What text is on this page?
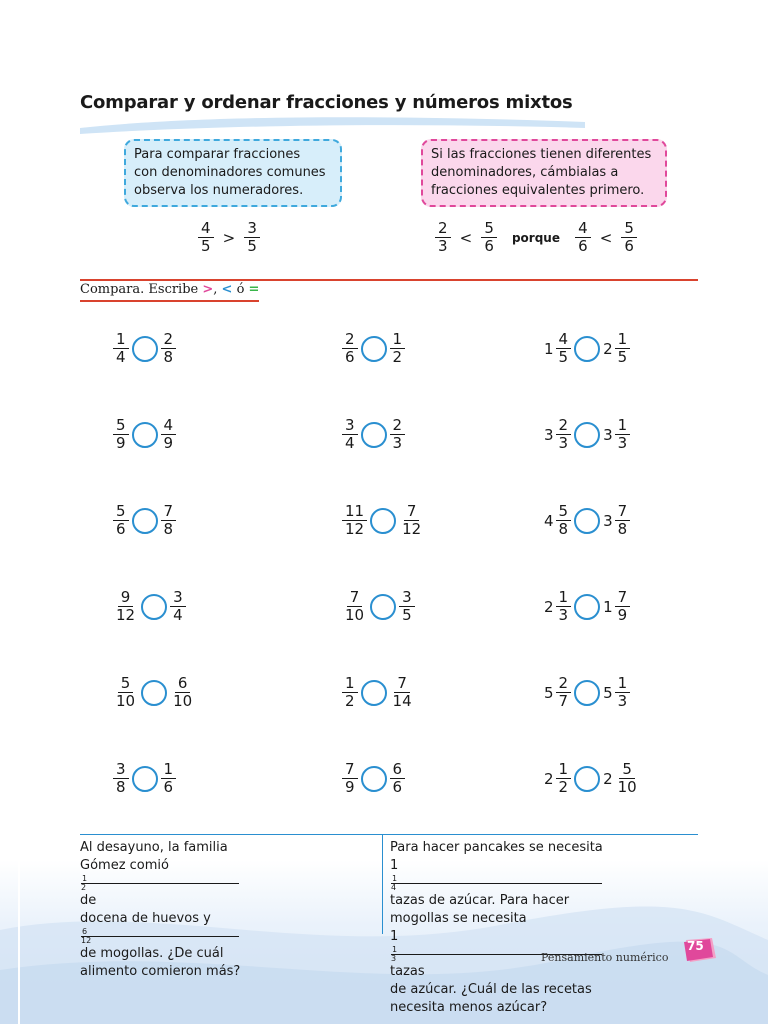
Comparar y ordenar fracciones y números mixtos
Para comparar fracciones
con denominadores comunes
observa los numeradores.
Si las fracciones tienen diferentes
denominadores, cámbialas a
fracciones equivalentes primero.
$\frac{4}{5} > \frac{3}{5}$	$\frac{2}{3} < \frac{5}{6}$ porque $\frac{4}{6} < \frac{5}{6}$
Compara. Escribe >, < ó =
$\frac{1}{4} \frac{2}{8}$	$\frac{2}{6} \frac{1}{2}$	$1 \frac{4}{5} 2 \frac{1}{5}$
$\frac{5}{9} \frac{4}{9}$	$\frac{3}{4} \frac{2}{3}$	$3 \frac{2}{3} 3 \frac{1}{3}$
$\frac{5}{6} \frac{7}{8}$	$\frac{11}{12} \frac{7}{12}$	$4 \frac{5}{8} 3 \frac{7}{8}$
$\frac{9}{12} \frac{3}{4}$	$\frac{7}{10} \frac{3}{5}$	$2 \frac{1}{3} 1 \frac{7}{9}$
$\frac{5}{10} \frac{6}{10}$	$\frac{1}{2} \frac{7}{14}$	$5 \frac{2}{7} 5 \frac{1}{3}$
$\frac{3}{8} \frac{1}{6}$	$\frac{7}{9} \frac{6}{6}$	$2 \frac{1}{2} 2 \frac{5}{10}$
Al desayuno, la familia
Gómez comió
1
2
de
docena de huevos y
6
12
de mogollas. ¿De cuál
alimento comieron más?
Para hacer pancakes se necesita
1
1
4
tazas de azúcar. Para hacer
mogollas se necesita
1
1
3
tazas
de azúcar. ¿Cuál de las recetas
necesita menos azúcar?
Pensamiento numérico
75
